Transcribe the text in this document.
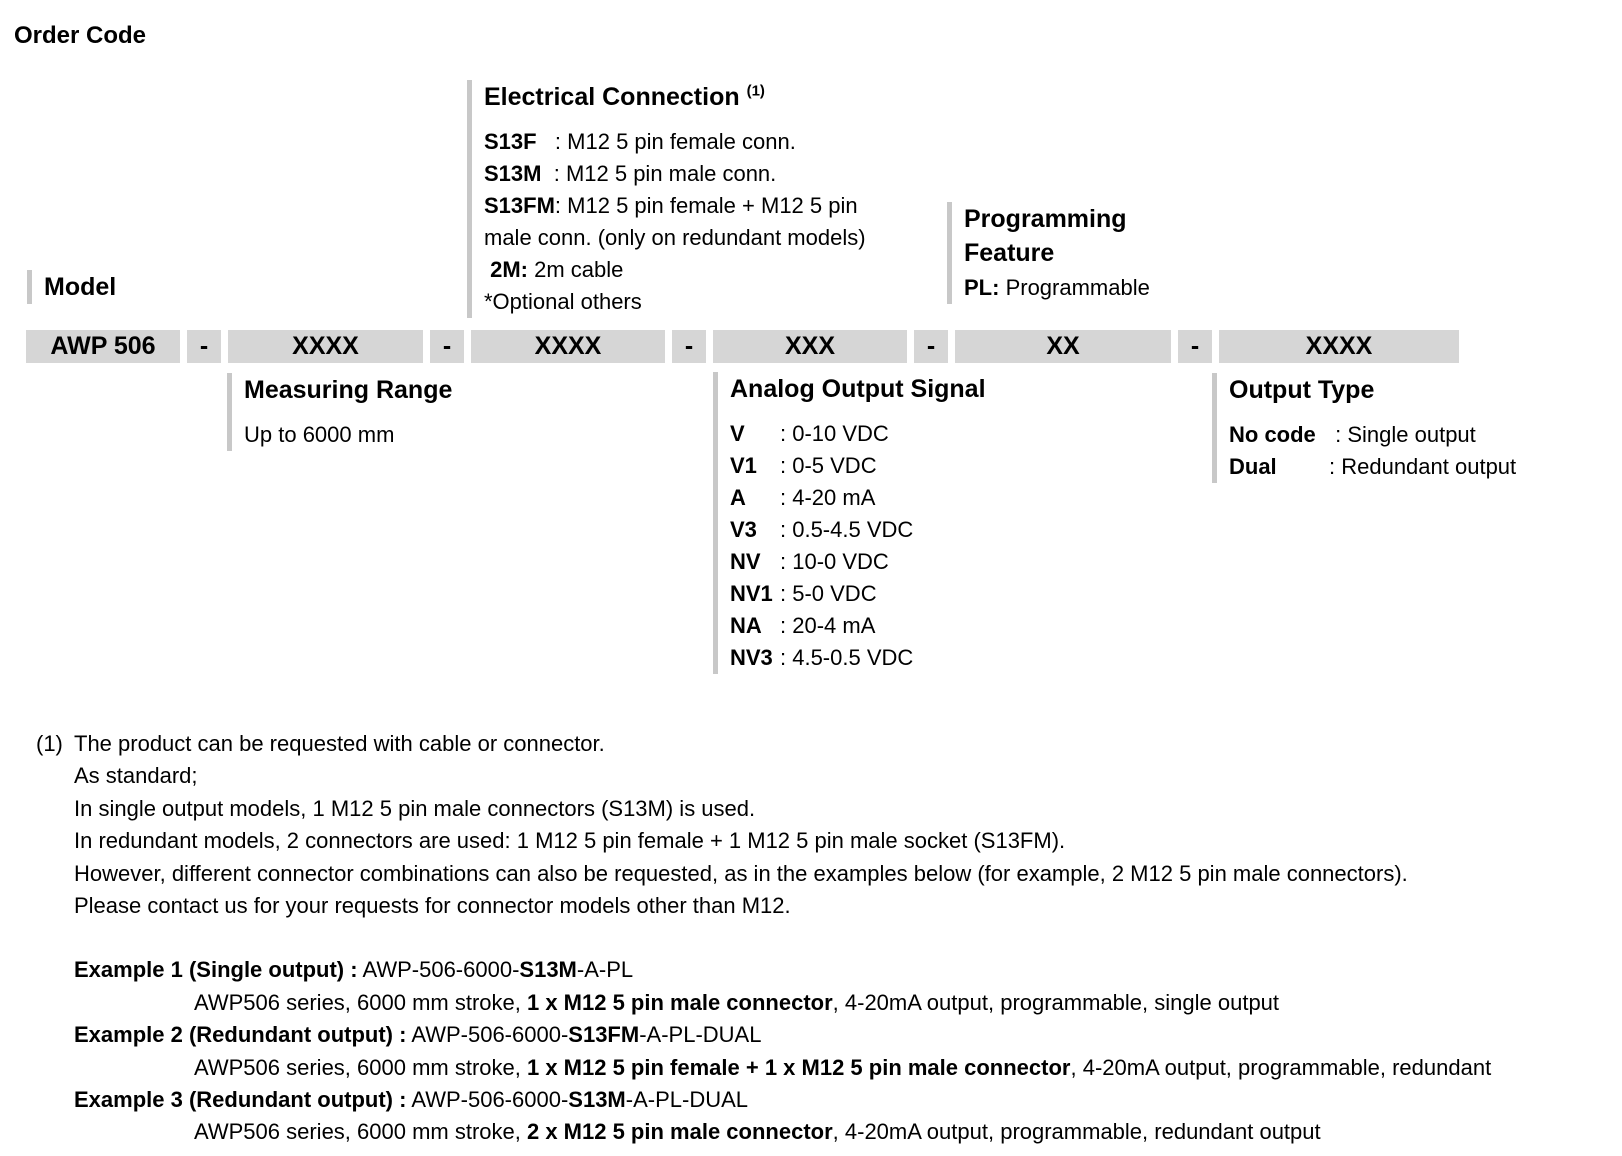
Order Code
Model
Electrical Connection $^{(1)}$
S13F : M12 5 pin female conn.
S13M : M12 5 pin male conn.
S13FM : M12 5 pin female + M12 5 pin
male conn. (only on redundant models)
2M: 2m cable
*Optional others
Programming
Feature
PL: Programmable
AWP 506	-	XXXX	-	XXXX	-	XXX	-	XX	-	XXXX
Measuring Range
Up to 6000 mm
Analog Output Signal
V	: 0-10 VDC
V1	: 0-5 VDC
A	: 4-20 mA
V3	: 0.5-4.5 VDC
NV : 10-0 VDC
NV1 : 5-0 VDC
NA : 20-4 mA
NV3 : 4.5-0.5 VDC
Output Type
No code : Single output
Dual	: Redundant output
(1) The product can be requested with cable or connector.
As standard;
In single output models, 1 M12 5 pin male connectors (S13M) is used.
In redundant models, 2 connectors are used: 1 M12 5 pin female + 1 M12 5 pin male socket (S13FM).
However, different connector combinations can also be requested, as in the examples below (for example, 2 M12 5 pin male connectors).
Please contact us for your requests for connector models other than M12.
Example 1 (Single output) : AWP-506-6000-S13M-A-PL
AWP506 series, 6000 mm stroke, 1 x M12 5 pin male connector, 4-20mA output, programmable, single output
Example 2 (Redundant output) : AWP-506-6000-S13FM-A-PL-DUAL
AWP506 series, 6000 mm stroke, 1 x M12 5 pin female + 1 x M12 5 pin male connector, 4-20mA output, programmable, redundant
Example 3 (Redundant output) : AWP-506-6000-S13M-A-PL-DUAL
AWP506 series, 6000 mm stroke, 2 x M12 5 pin male connector, 4-20mA output, programmable, redundant output
